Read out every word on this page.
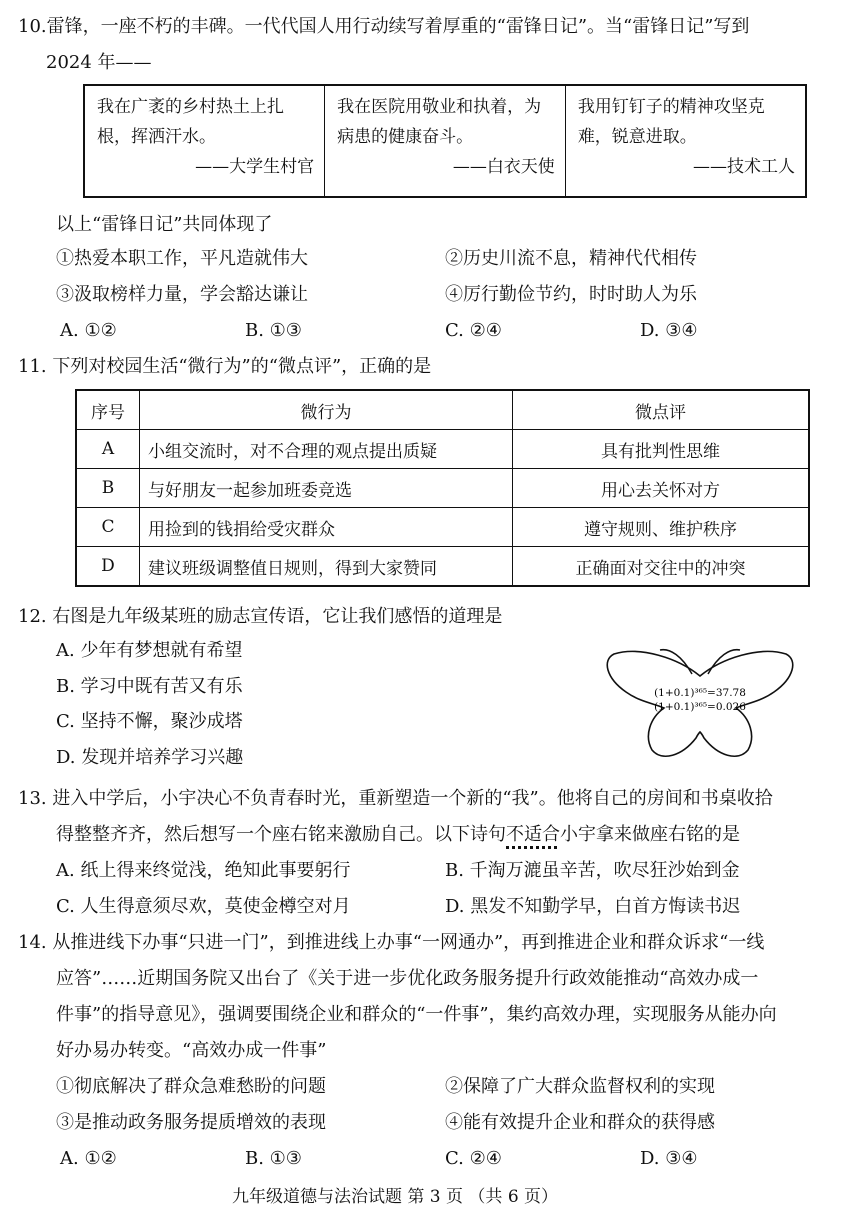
10.雷锋，一座不朽的丰碑。一代代国人用行动续写着厚重的“雷锋日记”。当“雷锋日记”写到
2024 年——
我在广袤的乡村热土上扎根，挥洒汗水。
——大学生村官
	我在医院用敬业和执着，为病患的健康奋斗。
——白衣天使
	我用钉钉子的精神攻坚克难，锐意进取。
——技术工人
以上“雷锋日记”共同体现了
①热爱本职工作，平凡造就伟大	②历史川流不息，精神代代相传
③汲取榜样力量，学会豁达谦让	④厉行勤俭节约，时时助人为乐
A. ①②	B. ①③	C. ②④	D. ③④
11. 下列对校园生活“微行为”的“微点评”，正确的是
序号	微行为	微点评
A	小组交流时，对不合理的观点提出质疑	具有批判性思维
B	与好朋友一起参加班委竞选	用心去关怀对方
C	用捡到的钱捐给受灾群众	遵守规则、维护秩序
D	建议班级调整值日规则，得到大家赞同	正确面对交往中的冲突
12. 右图是九年级某班的励志宣传语，它让我们感悟的道理是
A. 少年有梦想就有希望
B. 学习中既有苦又有乐
C. 坚持不懈，聚沙成塔
D. 发现并培养学习兴趣
(1+0.1)³⁶⁵=37.78
(1+0.1)³⁶⁵=0.026
13. 进入中学后，小宇决心不负青春时光，重新塑造一个新的“我”。他将自己的房间和书桌收拾
得整整齐齐，然后想写一个座右铭来激励自己。以下诗句不适合小宇拿来做座右铭的是
A. 纸上得来终觉浅，绝知此事要躬行	B. 千淘万漉虽辛苦，吹尽狂沙始到金
C. 人生得意须尽欢，莫使金樽空对月	D. 黑发不知勤学早，白首方悔读书迟
14. 从推进线下办事“只进一门”，到推进线上办事“一网通办”，再到推进企业和群众诉求“一线
应答”……近期国务院又出台了《关于进一步优化政务服务提升行政效能推动“高效办成一
件事”的指导意见》，强调要围绕企业和群众的“一件事”，集约高效办理，实现服务从能办向
好办易办转变。“高效办成一件事”
①彻底解决了群众急难愁盼的问题	②保障了广大群众监督权利的实现
③是推动政务服务提质增效的表现	④能有效提升企业和群众的获得感
A. ①②	B. ①③	C. ②④	D. ③④
九年级道德与法治试题 第 3 页 （共 6 页）
